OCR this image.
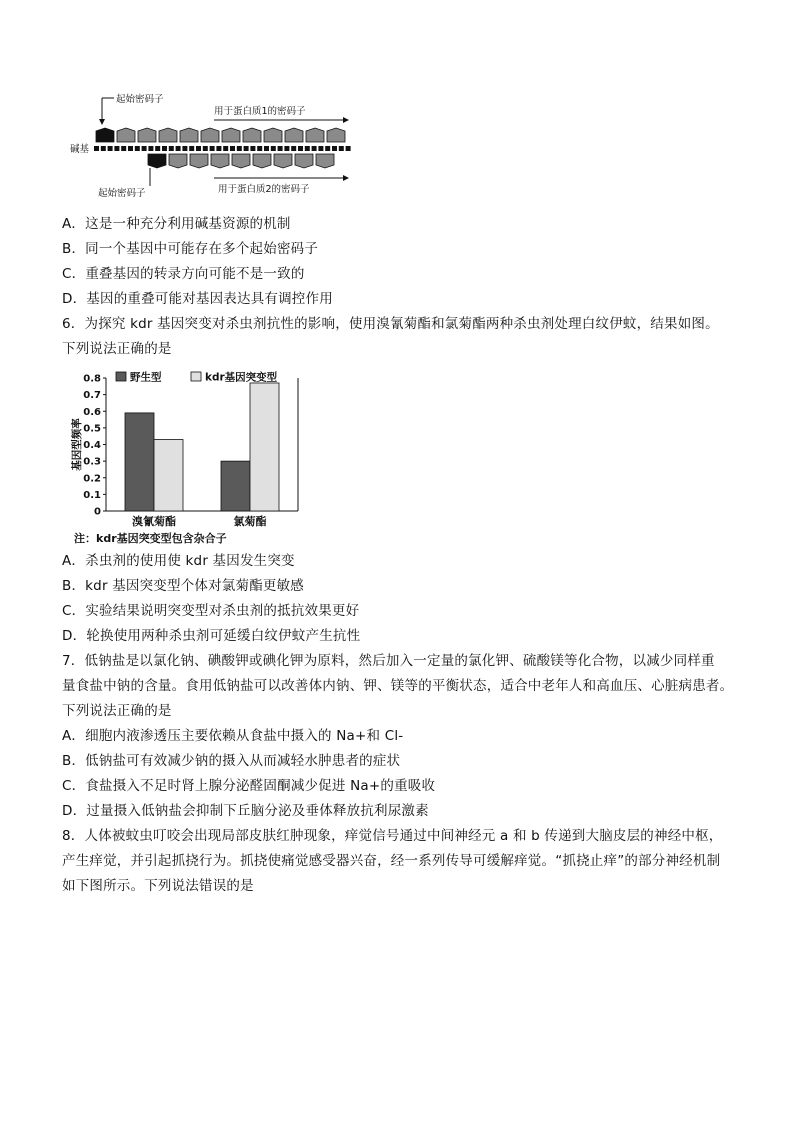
起始密码子
用于蛋白质1的密码子
碱基
起始密码子	用于蛋白质2的密码子
A．这是一种充分利用碱基资源的机制
B．同一个基因中可能存在多个起始密码子
C．重叠基因的转录方向可能不是一致的
D．基因的重叠可能对基因表达具有调控作用
6．为探究 kdr 基因突变对杀虫剂抗性的影响，使用溴氰菊酯和氯菊酯两种杀虫剂处理白纹伊蚊，结果如图。
下列说法正确的是
0
0.1
0.2
0.3
0.4
0.5
0.6
0.7
0.8
基因型频率
溴氰菊酯	氯菊酯
野生型	kdr基因突变型
注：kdr基因突变型包含杂合子
A．杀虫剂的使用使 kdr 基因发生突变
B．kdr 基因突变型个体对氯菊酯更敏感
C．实验结果说明突变型对杀虫剂的抵抗效果更好
D．轮换使用两种杀虫剂可延缓白纹伊蚊产生抗性
7．低钠盐是以氯化钠、碘酸钾或碘化钾为原料，然后加入一定量的氯化钾、硫酸镁等化合物，以减少同样重
量食盐中钠的含量。食用低钠盐可以改善体内钠、钾、镁等的平衡状态，适合中老年人和高血压、心脏病患者。
下列说法正确的是
A．细胞内液渗透压主要依赖从食盐中摄入的 Na+和 Cl-
B．低钠盐可有效减少钠的摄入从而减轻水肿患者的症状
C．食盐摄入不足时肾上腺分泌醛固酮减少促进 Na+的重吸收
D．过量摄入低钠盐会抑制下丘脑分泌及垂体释放抗利尿激素
8．人体被蚊虫叮咬会出现局部皮肤红肿现象，痒觉信号通过中间神经元 a 和 b 传递到大脑皮层的神经中枢，
产生痒觉，并引起抓挠行为。抓挠使痛觉感受器兴奋，经一系列传导可缓解痒觉。“抓挠止痒”的部分神经机制
如下图所示。下列说法错误的是
